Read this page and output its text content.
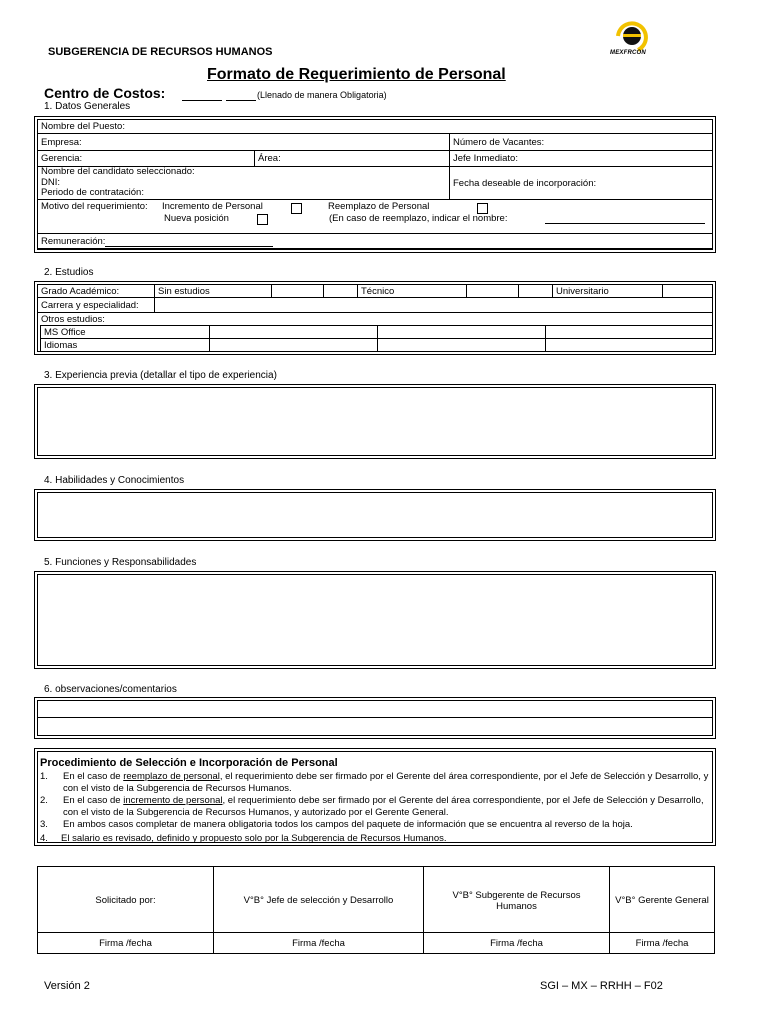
SUBGERENCIA DE RECURSOS HUMANOS	MEXFRCON
Formato de Requerimiento de Personal
Centro de Costos:	(Llenado de manera Obligatoria)
1. Datos Generales
Nombre del Puesto:		
Empresa:		Número de Vacantes:
Gerencia:	Área:	Jefe Inmediato:

Nombre del candidato seleccionado:
DNI:
Periodo de contratación:		Fecha deseable de incorporación:

Motivo del requerimiento: Incremento de Personal
Nueva posición
Reemplazo de Personal
(En caso de reemplazo, indicar el nombre:		

Remuneración:		
2. Estudios
Grado Académico:	Sin estudios			Técnico			Universitario	
Carrera y especialidad:								
Otros estudios:								
MS Office			
Idiomas			
3. Experiencia previa (detallar el tipo de experiencia)
4. Habilidades y Conocimientos
5. Funciones y Responsabilidades
6. observaciones/comentarios
Procedimiento de Selección e Incorporación de Personal
1. En el caso de reemplazo de personal, el requerimiento debe ser firmado por el Gerente del área correspondiente, por el Jefe de Selección y Desarrollo, y con el visto de la Subgerencia de Recursos Humanos.
2. En el caso de incremento de personal, el requerimiento debe ser firmado por el Gerente del área correspondiente, por el Jefe de Selección y Desarrollo, con el visto de la Subgerencia de Recursos Humanos, y autorizado por el Gerente General.
3. En ambos casos completar de manera obligatoria todos los campos del paquete de información que se encuentra al reverso de la hoja.
4. El salario es revisado, definido y propuesto solo por la Subgerencia de Recursos Humanos.
Solicitado por:	V°B° Jefe de selección y Desarrollo	V°B° Subgerente de Recursos Humanos	V°B° Gerente General
Firma /fecha	Firma /fecha	Firma /fecha	Firma /fecha
Versión 2	SGI – MX – RRHH – F02
